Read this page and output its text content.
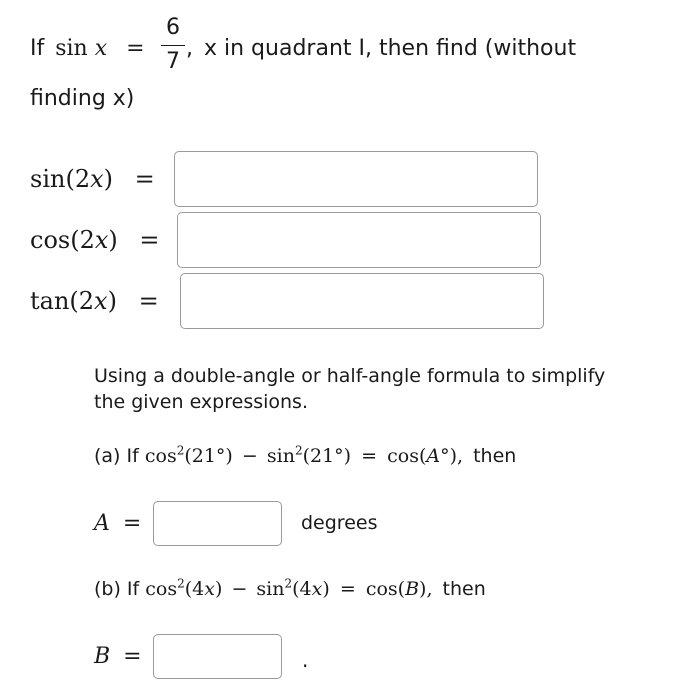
If sin x =
6
7
, x in quadrant I, then find (without
finding x)
sin(2x) =
cos(2x) =
tan(2x) =
Using a double-angle or half-angle formula to simplify
the given expressions.
(a) If $\cos^2(21^\circ) - \sin^2(21^\circ) = \cos(A^\circ)$, then
A =	degrees
(b) If $\cos^2(4x) - \sin^2(4x) = \cos(B)$, then
B =	.
